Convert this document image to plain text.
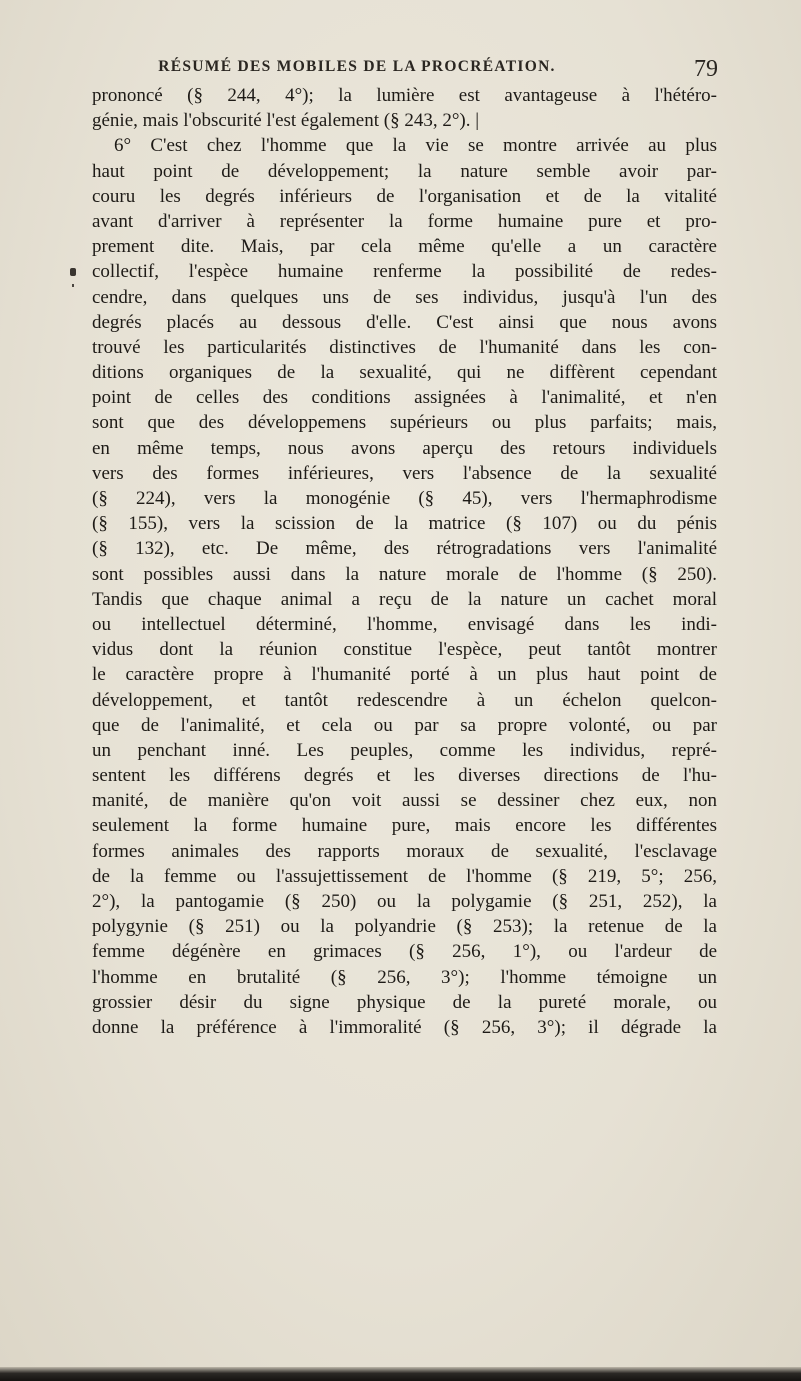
RÉSUMÉ DES MOBILES DE LA PROCRÉATION.	79
prononcé (§ 244, 4°); la lumière est avantageuse à l'hétéro-
génie, mais l'obscurité l'est également (§ 243, 2°). |
6° C'est chez l'homme que la vie se montre arrivée au plus
haut point de développement; la nature semble avoir par-
couru les degrés inférieurs de l'organisation et de la vitalité
avant d'arriver à représenter la forme humaine pure et pro-
prement dite. Mais, par cela même qu'elle a un caractère
collectif, l'espèce humaine renferme la possibilité de redes-
cendre, dans quelques uns de ses individus, jusqu'à l'un des
degrés placés au dessous d'elle. C'est ainsi que nous avons
trouvé les particularités distinctives de l'humanité dans les con-
ditions organiques de la sexualité, qui ne diffèrent cependant
point de celles des conditions assignées à l'animalité, et n'en
sont que des développemens supérieurs ou plus parfaits; mais,
en même temps, nous avons aperçu des retours individuels
vers des formes inférieures, vers l'absence de la sexualité
(§ 224), vers la monogénie (§ 45), vers l'hermaphrodisme
(§ 155), vers la scission de la matrice (§ 107) ou du pénis
(§ 132), etc. De même, des rétrogradations vers l'animalité
sont possibles aussi dans la nature morale de l'homme (§ 250).
Tandis que chaque animal a reçu de la nature un cachet moral
ou intellectuel déterminé, l'homme, envisagé dans les indi-
vidus dont la réunion constitue l'espèce, peut tantôt montrer
le caractère propre à l'humanité porté à un plus haut point de
développement, et tantôt redescendre à un échelon quelcon-
que de l'animalité, et cela ou par sa propre volonté, ou par
un penchant inné. Les peuples, comme les individus, repré-
sentent les différens degrés et les diverses directions de l'hu-
manité, de manière qu'on voit aussi se dessiner chez eux, non
seulement la forme humaine pure, mais encore les différentes
formes animales des rapports moraux de sexualité, l'esclavage
de la femme ou l'assujettissement de l'homme (§ 219, 5°; 256,
2°), la pantogamie (§ 250) ou la polygamie (§ 251, 252), la
polygynie (§ 251) ou la polyandrie (§ 253); la retenue de la
femme dégénère en grimaces (§ 256, 1°), ou l'ardeur de
l'homme en brutalité (§ 256, 3°); l'homme témoigne un
grossier désir du signe physique de la pureté morale, ou
donne la préférence à l'immoralité (§ 256, 3°); il dégrade la
